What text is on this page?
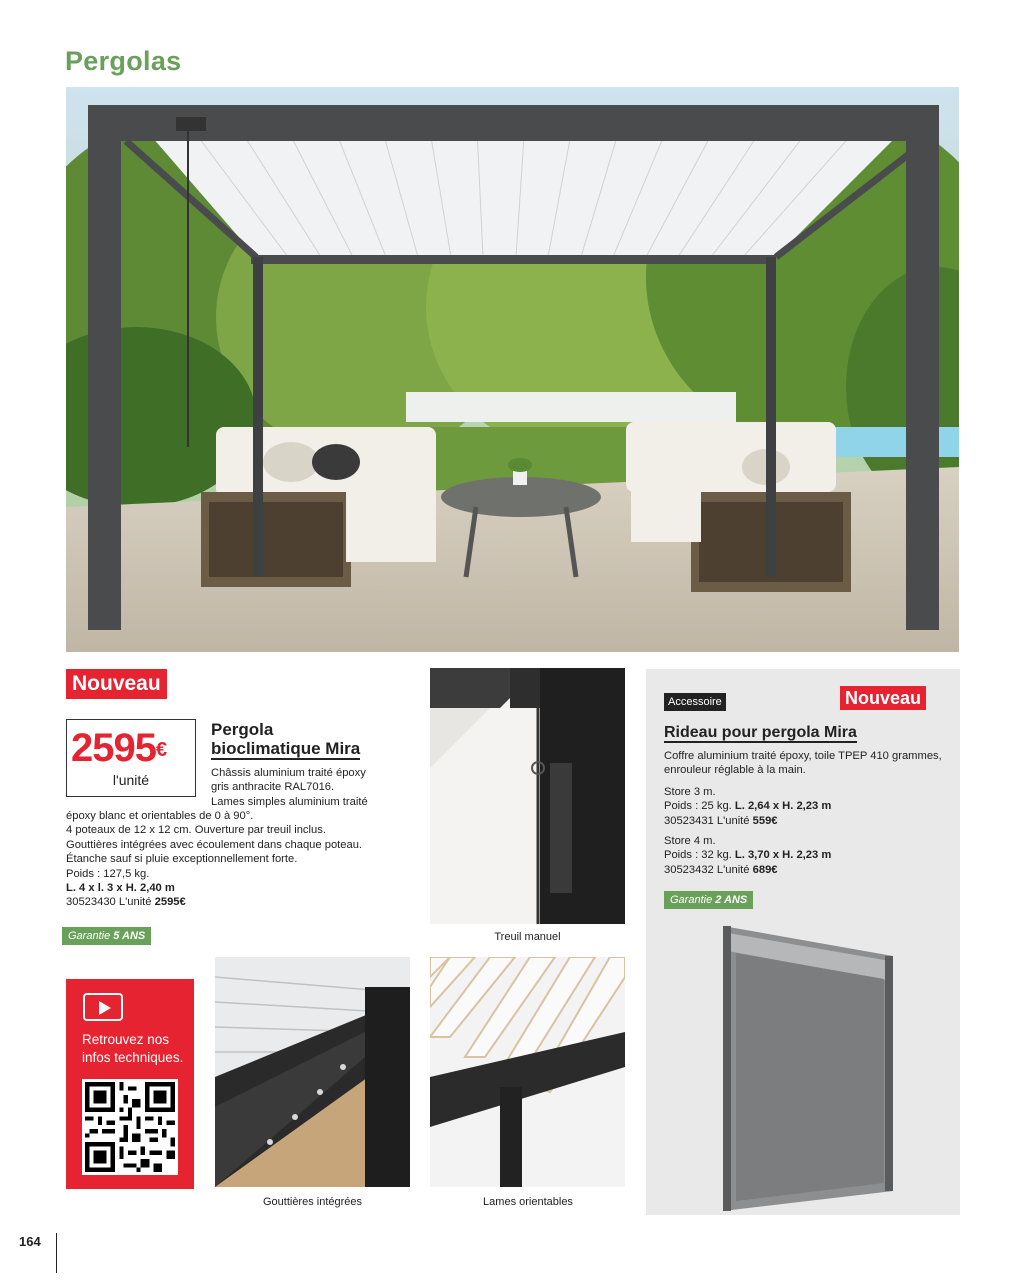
Pergolas
Nouveau
2595€
l'unité
Pergola
bioclimatique Mira
Châssis aluminium traité époxy
gris anthracite RAL7016.
Lames simples aluminium traité
époxy blanc et orientables de 0 à 90°.
4 poteaux de 12 x 12 cm. Ouverture par treuil inclus.
Gouttières intégrées avec écoulement dans chaque poteau.
Étanche sauf si pluie exceptionnellement forte.
Poids : 127,5 kg.
L. 4 x l. 3 x H. 2,40 m
30523430 L'unité 2595€
Garantie 5 ANS	Treuil manuel
Retrouvez nos
infos techniques.
Gouttières intégrées	Lames orientables
Accessoire	Nouveau
Rideau pour pergola Mira
Coffre aluminium traité époxy, toile TPEP 410 grammes,
enrouleur réglable à la main.
Store 3 m.
Poids : 25 kg. L. 2,64 x H. 2,23 m
30523431 L'unité 559€
Store 4 m.
Poids : 32 kg. L. 3,70 x H. 2,23 m
30523432 L'unité 689€
Garantie 2 ANS
164
